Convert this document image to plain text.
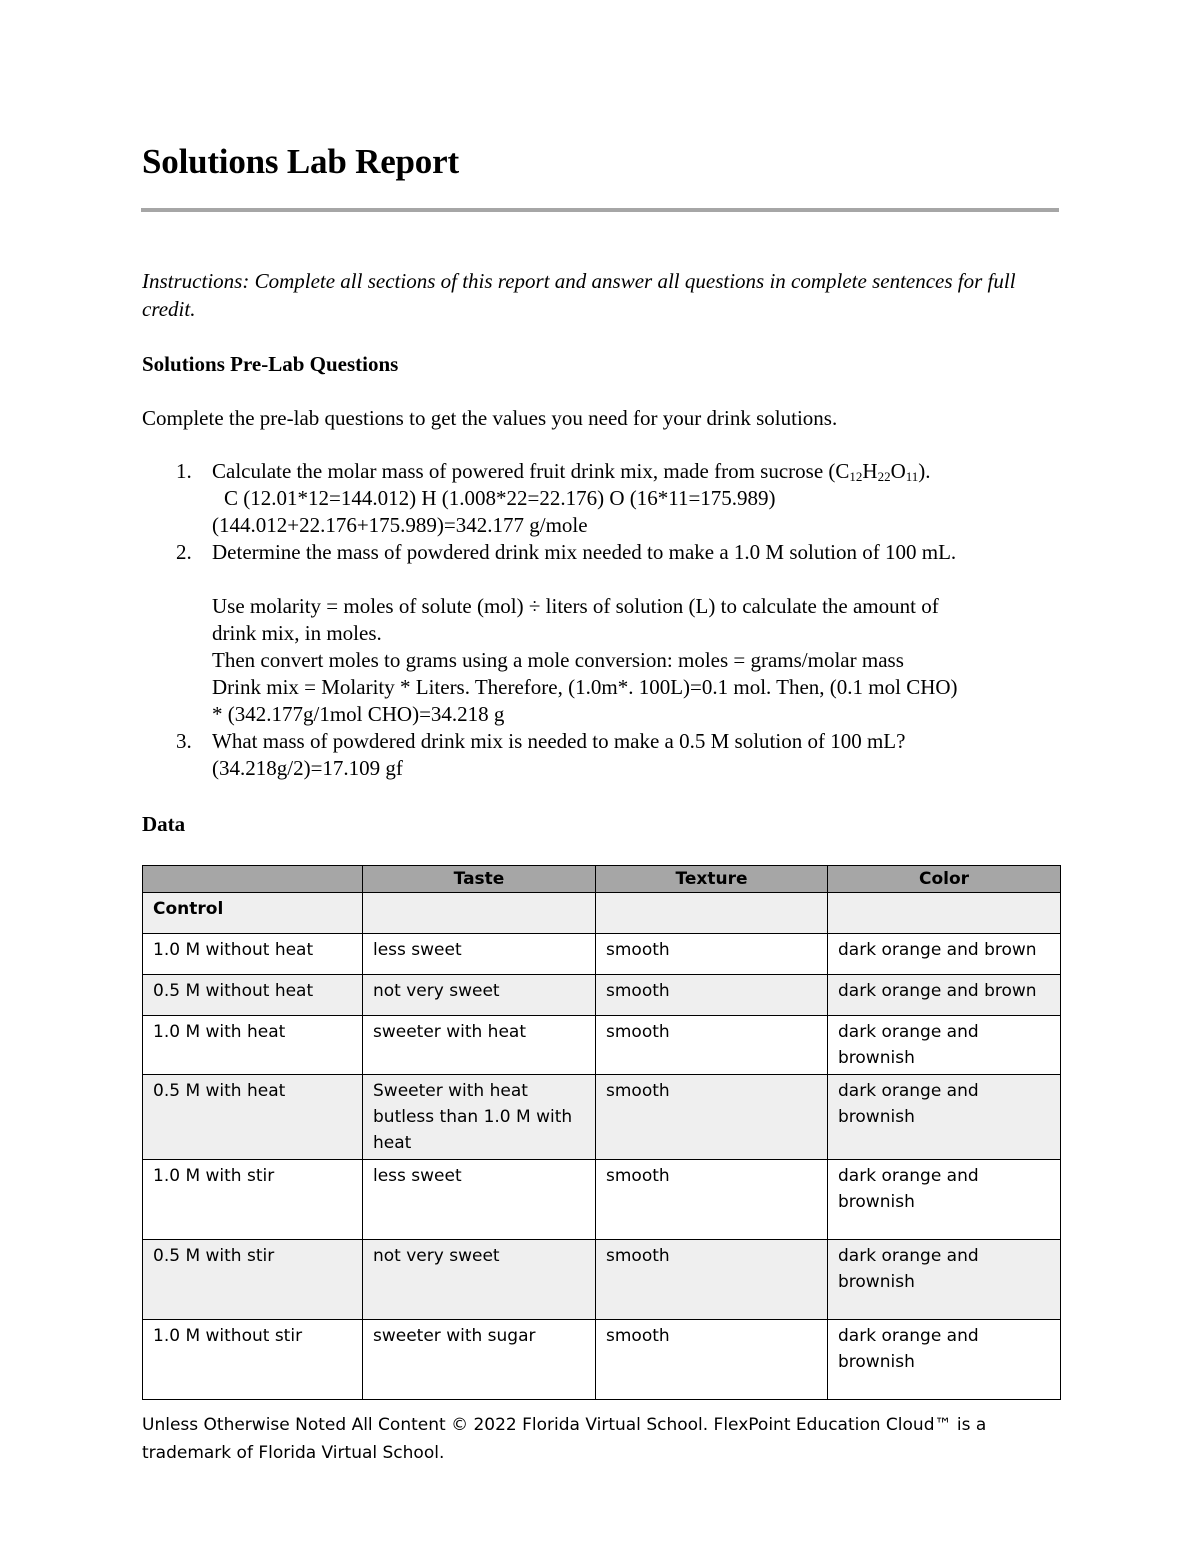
Solutions Lab Report

Instructions: Complete all sections of this report and answer all questions in complete sentences for full credit.

Solutions Pre-Lab Questions

Complete the pre-lab questions to get the values you need for your drink solutions.

1. Calculate the molar mass of powered fruit drink mix, made from sucrose $(C_{12}H_{22}O_{11})$.
C (12.01*12=144.012) H (1.008*22=22.176) O (16*11=175.989)
(144.012+22.176+175.989)=342.177 g/mole
2. Determine the mass of powdered drink mix needed to make a 1.0 M solution of 100 mL.
Use molarity = moles of solute (mol) ÷ liters of solution (L) to calculate the amount of
drink mix, in moles.
Then convert moles to grams using a mole conversion: moles = grams/molar mass
Drink mix = Molarity * Liters. Therefore, (1.0m*. 100L)=0.1 mol. Then, (0.1 mol CHO)
* (342.177g/1mol CHO)=34.218 g
3. What mass of powdered drink mix is needed to make a 0.5 M solution of 100 mL?
(34.218g/2)=17.109 gf
Data
	Taste	Texture	Color
Control			
1.0 M without heat	less sweet	smooth	dark orange and brown
0.5 M without heat	not very sweet	smooth	dark orange and brown
1.0 M with heat	sweeter with heat	smooth	dark orange and brownish
0.5 M with heat	Sweeter with heat butless than 1.0 M with heat	smooth	dark orange and brownish
1.0 M with stir	less sweet	smooth	dark orange and brownish
0.5 M with stir	not very sweet	smooth	dark orange and brownish
1.0 M without stir	sweeter with sugar	smooth	dark orange and brownish

Unless Otherwise Noted All Content © 2022 Florida Virtual School. FlexPoint Education Cloud™ is a trademark of Florida Virtual School.
